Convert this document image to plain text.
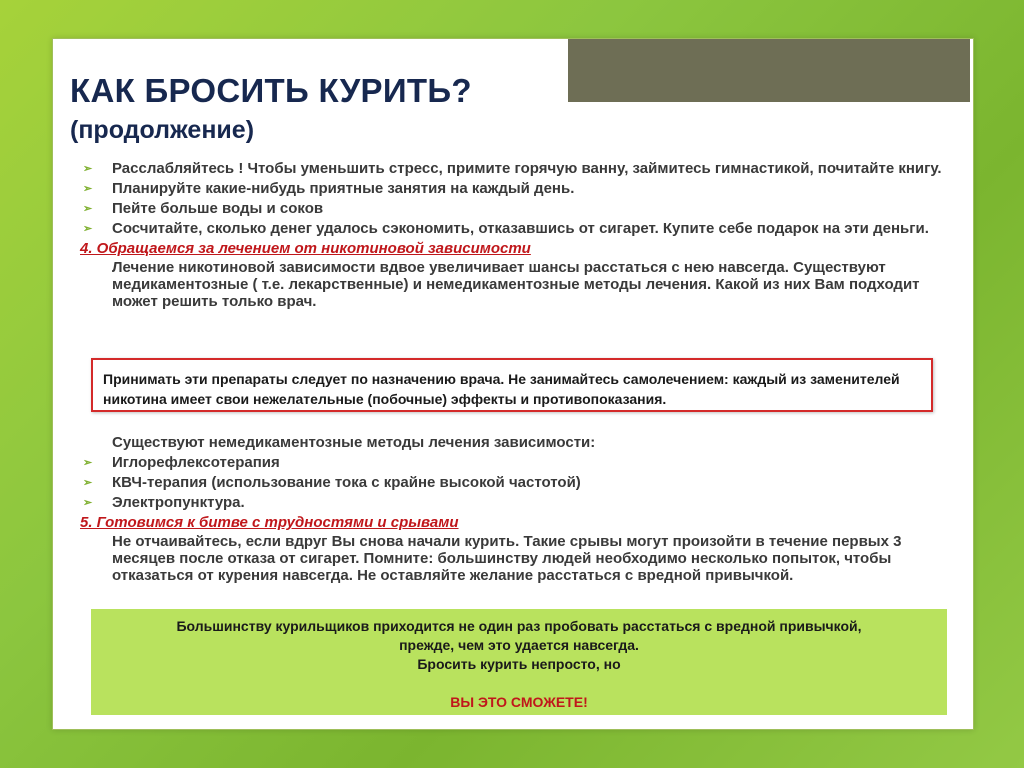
31
КАК БРОСИТЬ КУРИТЬ?
(продолжение)
➢ Расслабляйтесь ! Чтобы уменьшить стресс, примите горячую ванну, займитесь гимнастикой, почитайте книгу.
➢ Планируйте какие-нибудь приятные занятия на каждый день.
➢ Пейте больше воды и соков
➢ Сосчитайте, сколько денег удалось сэкономить, отказавшись от сигарет. Купите себе подарок на эти деньги.
4. Обращаемся за лечением от никотиновой зависимости
Лечение никотиновой зависимости вдвое увеличивает шансы расстаться с нею навсегда. Существуют медикаментозные ( т.е. лекарственные) и немедикаментозные методы лечения. Какой из них Вам подходит может решить только врач.
Принимать эти препараты следует по назначению врача. Не занимайтесь самолечением: каждый из заменителей никотина имеет свои нежелательные (побочные) эффекты и противопоказания.
Существуют немедикаментозные методы лечения зависимости:
➢ Иглорефлексотерапия
➢ КВЧ-терапия (использование тока с крайне высокой частотой)
➢ Электропунктура.
5. Готовимся к битве с трудностями и срывами
Не отчаивайтесь, если вдруг Вы снова начали курить. Такие срывы могут произойти в течение первых 3 месяцев после отказа от сигарет. Помните: большинству людей необходимо несколько попыток, чтобы отказаться от курения навсегда. Не оставляйте желание расстаться с вредной привычкой.
Большинству курильщиков приходится не один раз пробовать расстаться с вредной привычкой, прежде, чем это удается навсегда.
Бросить курить непросто, но
ВЫ ЭТО СМОЖЕТЕ!
